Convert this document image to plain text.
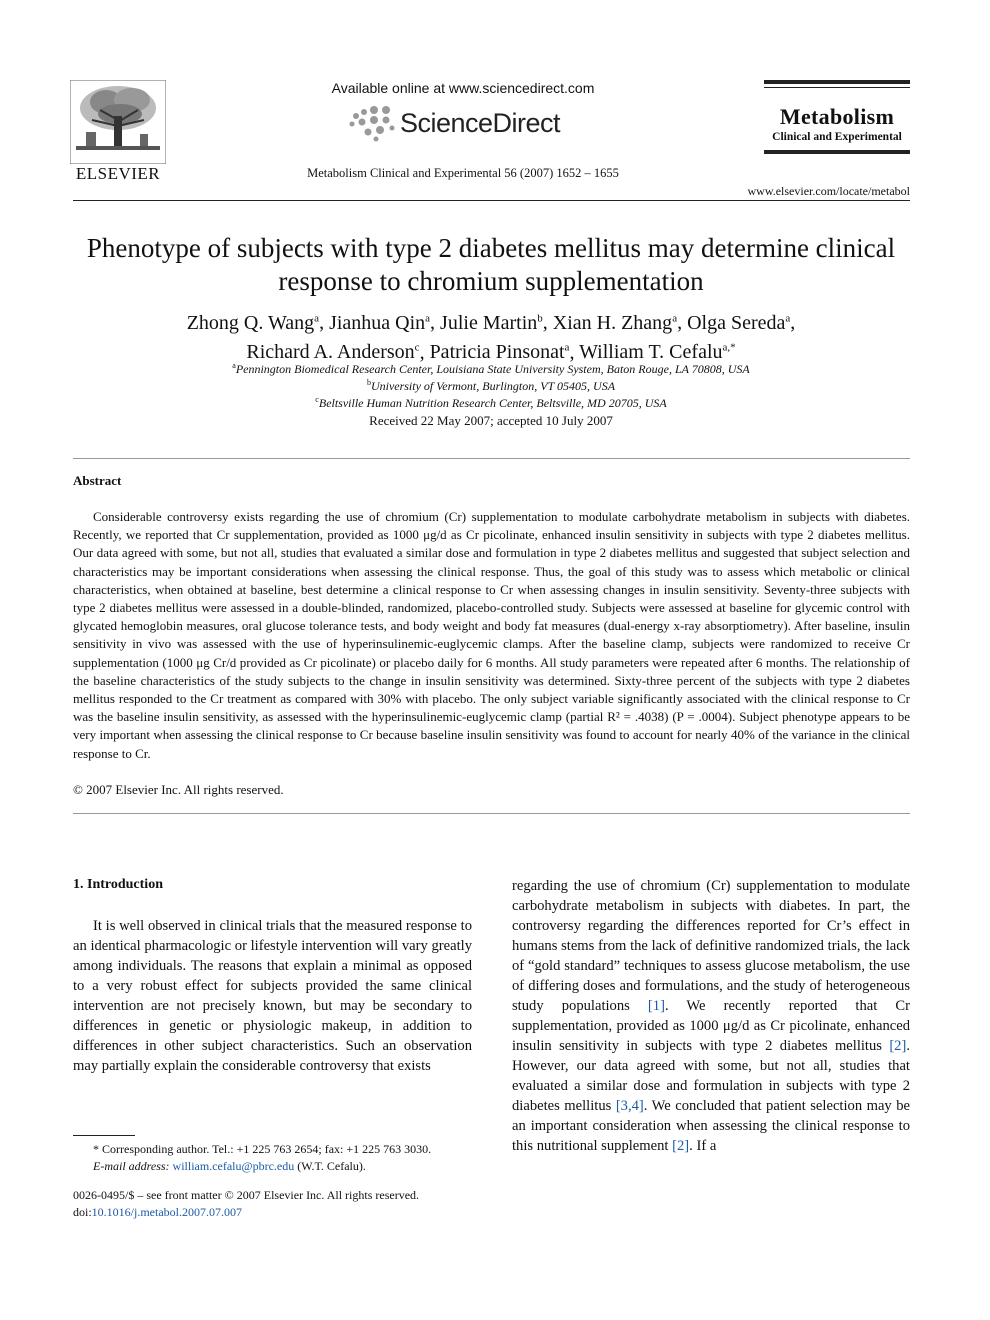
ELSEVIER
Available online at www.sciencedirect.com
ScienceDirect
Metabolism Clinical and Experimental 56 (2007) 1652 – 1655
Metabolism
Clinical and Experimental
www.elsevier.com/locate/metabol
Phenotype of subjects with type 2 diabetes mellitus may determine clinical
response to chromium supplementation
Zhong Q. Wang$^a$, Jianhua Qin$^a$, Julie Martin$^b$, Xian H. Zhang$^a$, Olga Sereda$^a$,
Richard A. Anderson$^c$, Patricia Pinsonat$^a$, William T. Cefalu$^{a,*}$
$^a$Pennington Biomedical Research Center, Louisiana State University System, Baton Rouge, LA 70808, USA
$^b$University of Vermont, Burlington, VT 05405, USA
$^c$Beltsville Human Nutrition Research Center, Beltsville, MD 20705, USA
Received 22 May 2007; accepted 10 July 2007
Abstract

Considerable controversy exists regarding the use of chromium (Cr) supplementation to modulate carbohydrate metabolism in subjects with diabetes. Recently, we reported that Cr supplementation, provided as 1000 μg/d as Cr picolinate, enhanced insulin sensitivity in subjects with type 2 diabetes mellitus. Our data agreed with some, but not all, studies that evaluated a similar dose and formulation in type 2 diabetes mellitus and suggested that subject selection and characteristics may be important considerations when assessing the clinical response. Thus, the goal of this study was to assess which metabolic or clinical characteristics, when obtained at baseline, best determine a clinical response to Cr when assessing changes in insulin sensitivity. Seventy-three subjects with type 2 diabetes mellitus were assessed in a double-blinded, randomized, placebo-controlled study. Subjects were assessed at baseline for glycemic control with glycated hemoglobin measures, oral glucose tolerance tests, and body weight and body fat measures (dual-energy x-ray absorptiometry). After baseline, insulin sensitivity in vivo was assessed with the use of hyperinsulinemic-euglycemic clamps. After the baseline clamp, subjects were randomized to receive Cr supplementation (1000 μg Cr/d provided as Cr picolinate) or placebo daily for 6 months. All study parameters were repeated after 6 months. The relationship of the baseline characteristics of the study subjects to the change in insulin sensitivity was determined. Sixty-three percent of the subjects with type 2 diabetes mellitus responded to the Cr treatment as compared with 30% with placebo. The only subject variable significantly associated with the clinical response to Cr was the baseline insulin sensitivity, as assessed with the hyperinsulinemic-euglycemic clamp (partial R² = .4038) (P = .0004). Subject phenotype appears to be very important when assessing the clinical response to Cr because baseline insulin sensitivity was found to account for nearly 40% of the variance in the clinical response to Cr.

© 2007 Elsevier Inc. All rights reserved.
1. Introduction

It is well observed in clinical trials that the measured response to an identical pharmacologic or lifestyle intervention will vary greatly among individuals. The reasons that explain a minimal as opposed to a very robust effect for subjects provided the same clinical intervention are not precisely known, but may be secondary to differences in genetic or physiologic makeup, in addition to differences in other subject characteristics. Such an observation may partially explain the considerable controversy that exists

regarding the use of chromium (Cr) supplementation to modulate carbohydrate metabolism in subjects with diabetes. In part, the controversy regarding the differences reported for Cr’s effect in humans stems from the lack of definitive randomized trials, the lack of “gold standard” techniques to assess glucose metabolism, the use of differing doses and formulations, and the study of heterogeneous study populations [1]. We recently reported that Cr supplementation, provided as 1000 μg/d as Cr picolinate, enhanced insulin sensitivity in subjects with type 2 diabetes mellitus [2]. However, our data agreed with some, but not all, studies that evaluated a similar dose and formulation in subjects with type 2 diabetes mellitus [3,4]. We concluded that patient selection may be an important consideration when assessing the clinical response to this nutritional supplement [2]. If a

* Corresponding author. Tel.: +1 225 763 2654; fax: +1 225 763 3030.
E-mail address: william.cefalu@pbrc.edu (W.T. Cefalu).
0026-0495/$ – see front matter © 2007 Elsevier Inc. All rights reserved.
doi:10.1016/j.metabol.2007.07.007
